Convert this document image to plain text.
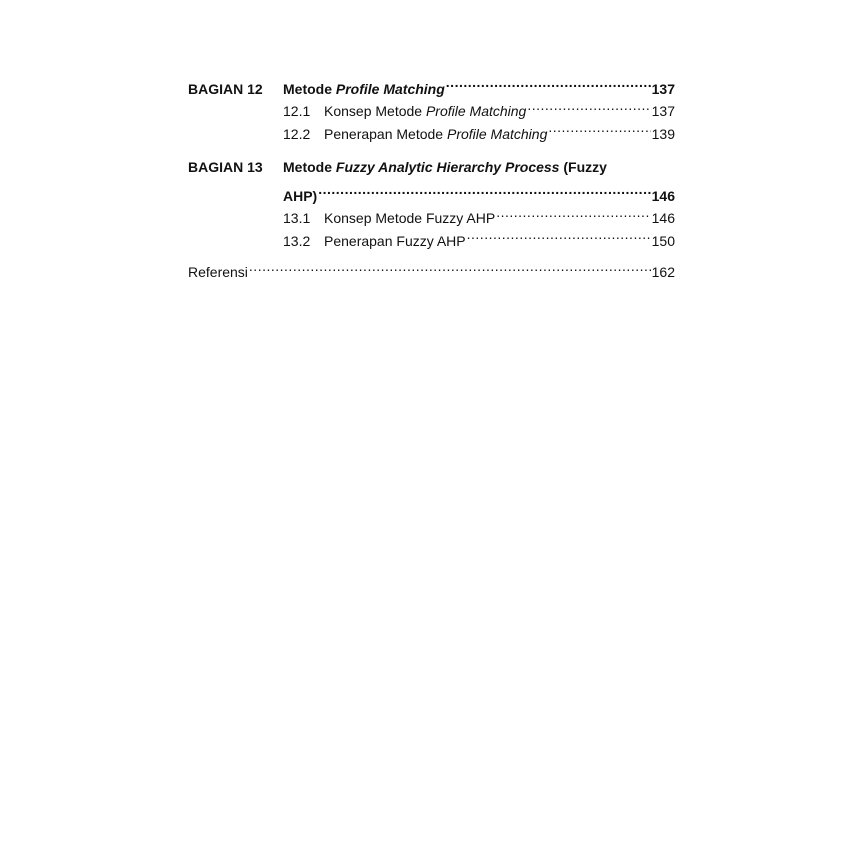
BAGIAN 12	Metode Profile Matching .....	137
12.1 Konsep Metode Profile Matching .....	137
12.2 Penerapan Metode Profile Matching .....	139
BAGIAN 13	Metode Fuzzy Analytic Hierarchy Process (Fuzzy
AHP) .....	146
13.1 Konsep Metode Fuzzy AHP .....	146
13.2 Penerapan Fuzzy AHP .....	150
Referensi .....	162
